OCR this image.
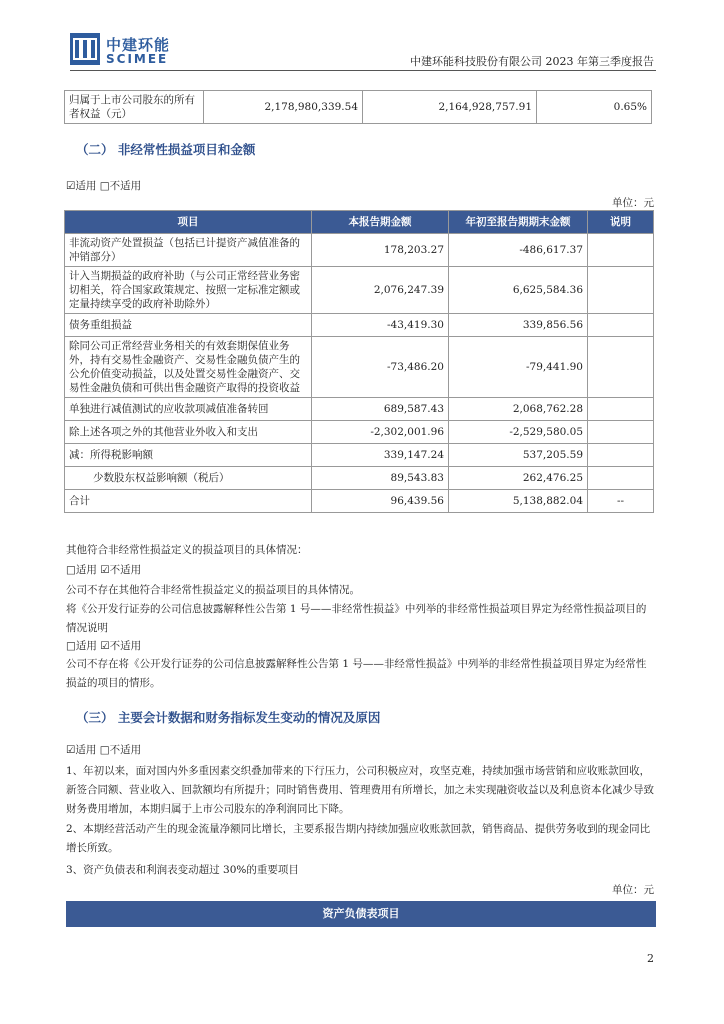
中建环能
SCIMEE	中建环能科技股份有限公司 2023 年第三季度报告
归属于上市公司股东的所有者权益（元）	2,178,980,339.54	2,164,928,757.91	0.65%
（二） 非经常性损益项目和金额
☑适用 □不适用
单位：元
项目	本报告期金额	年初至报告期期末金额	说明
非流动资产处置损益（包括已计提资产减值准备的冲销部分）	178,203.27	-486,617.37	
计入当期损益的政府补助（与公司正常经营业务密切相关，符合国家政策规定、按照一定标准定额或定量持续享受的政府补助除外）	2,076,247.39	6,625,584.36	
债务重组损益	-43,419.30	339,856.56	
除同公司正常经营业务相关的有效套期保值业务外，持有交易性金融资产、交易性金融负债产生的公允价值变动损益，以及处置交易性金融资产、交易性金融负债和可供出售金融资产取得的投资收益	-73,486.20	-79,441.90	
单独进行减值测试的应收款项减值准备转回	689,587.43	2,068,762.28	
除上述各项之外的其他营业外收入和支出	-2,302,001.96	-2,529,580.05	
减：所得税影响额	339,147.24	537,205.59	
少数股东权益影响额（税后）	89,543.83	262,476.25	
合计	96,439.56	5,138,882.04	--
其他符合非经常性损益定义的损益项目的具体情况：
□适用 ☑不适用
公司不存在其他符合非经常性损益定义的损益项目的具体情况。
将《公开发行证券的公司信息披露解释性公告第 1 号——非经常性损益》中列举的非经常性损益项目界定为经常性损益项目的情况说明
□适用 ☑不适用
公司不存在将《公开发行证券的公司信息披露解释性公告第 1 号——非经常性损益》中列举的非经常性损益项目界定为经常性损益的项目的情形。
（三） 主要会计数据和财务指标发生变动的情况及原因
☑适用 □不适用
1、年初以来，面对国内外多重因素交织叠加带来的下行压力，公司积极应对，攻坚克难，持续加强市场营销和应收账款回收，新签合同额、营业收入、回款额均有所提升；同时销售费用、管理费用有所增长，加之未实现融资收益以及利息资本化减少导致财务费用增加，本期归属于上市公司股东的净利润同比下降。
2、本期经营活动产生的现金流量净额同比增长，主要系报告期内持续加强应收账款回款，销售商品、提供劳务收到的现金同比增长所致。
3、资产负债表和利润表变动超过 30%的重要项目
单位：元
资产负债表项目
2
